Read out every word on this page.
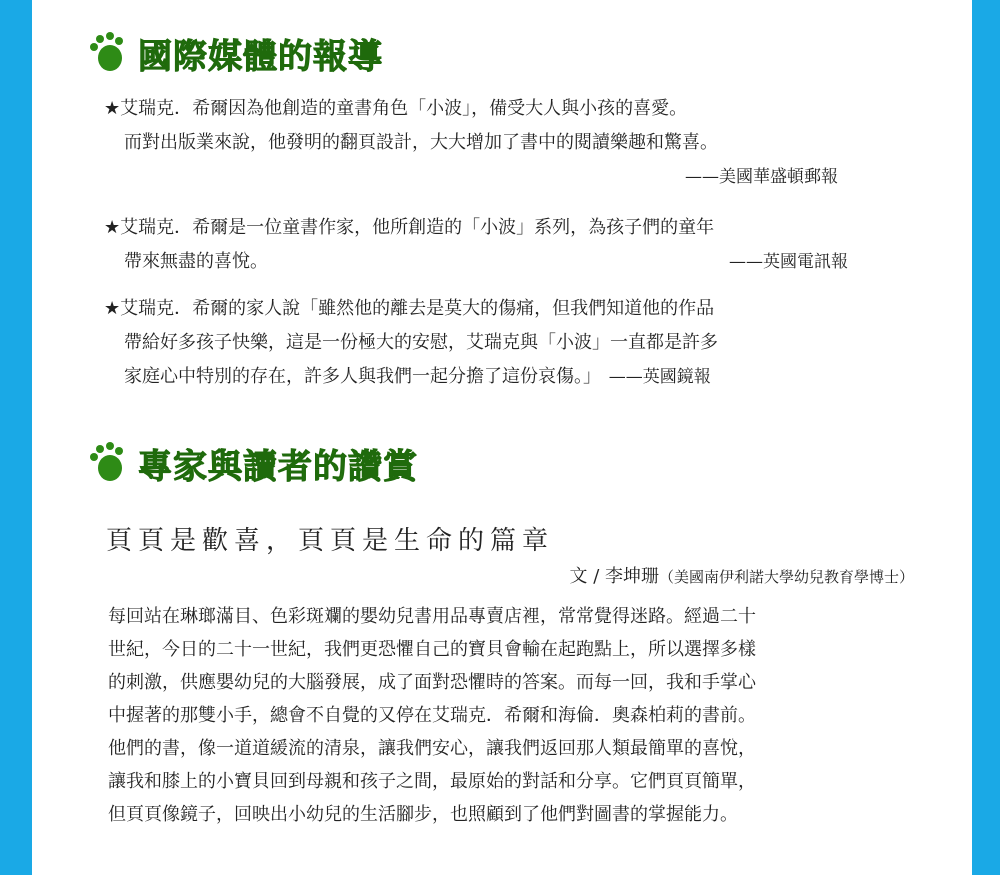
國際媒體的報導
★艾瑞克．希爾因為他創造的童書角色「小波」，備受大人與小孩的喜愛。
而對出版業來說，他發明的翻頁設計，大大增加了書中的閱讀樂趣和驚喜。
——美國華盛頓郵報
★艾瑞克．希爾是一位童書作家，他所創造的「小波」系列，為孩子們的童年
帶來無盡的喜悅。	——英國電訊報
★艾瑞克．希爾的家人說「雖然他的離去是莫大的傷痛，但我們知道他的作品
帶給好多孩子快樂，這是一份極大的安慰，艾瑞克與「小波」一直都是許多
家庭心中特別的存在，許多人與我們一起分擔了這份哀傷。」 ——英國鏡報
專家與讀者的讚賞
頁頁是歡喜，頁頁是生命的篇章
文 / 李坤珊（美國南伊利諾大學幼兒教育學博士）
每回站在琳瑯滿目、色彩斑斕的嬰幼兒書用品專賣店裡，常常覺得迷路。經過二十
世紀，今日的二十一世紀，我們更恐懼自己的寶貝會輸在起跑點上，所以選擇多樣
的刺激，供應嬰幼兒的大腦發展，成了面對恐懼時的答案。而每一回，我和手掌心
中握著的那雙小手，總會不自覺的又停在艾瑞克．希爾和海倫．奧森柏莉的書前。
他們的書，像一道道緩流的清泉，讓我們安心，讓我們返回那人類最簡單的喜悅，
讓我和膝上的小寶貝回到母親和孩子之間，最原始的對話和分享。它們頁頁簡單，
但頁頁像鏡子，回映出小幼兒的生活腳步，也照顧到了他們對圖書的掌握能力。
